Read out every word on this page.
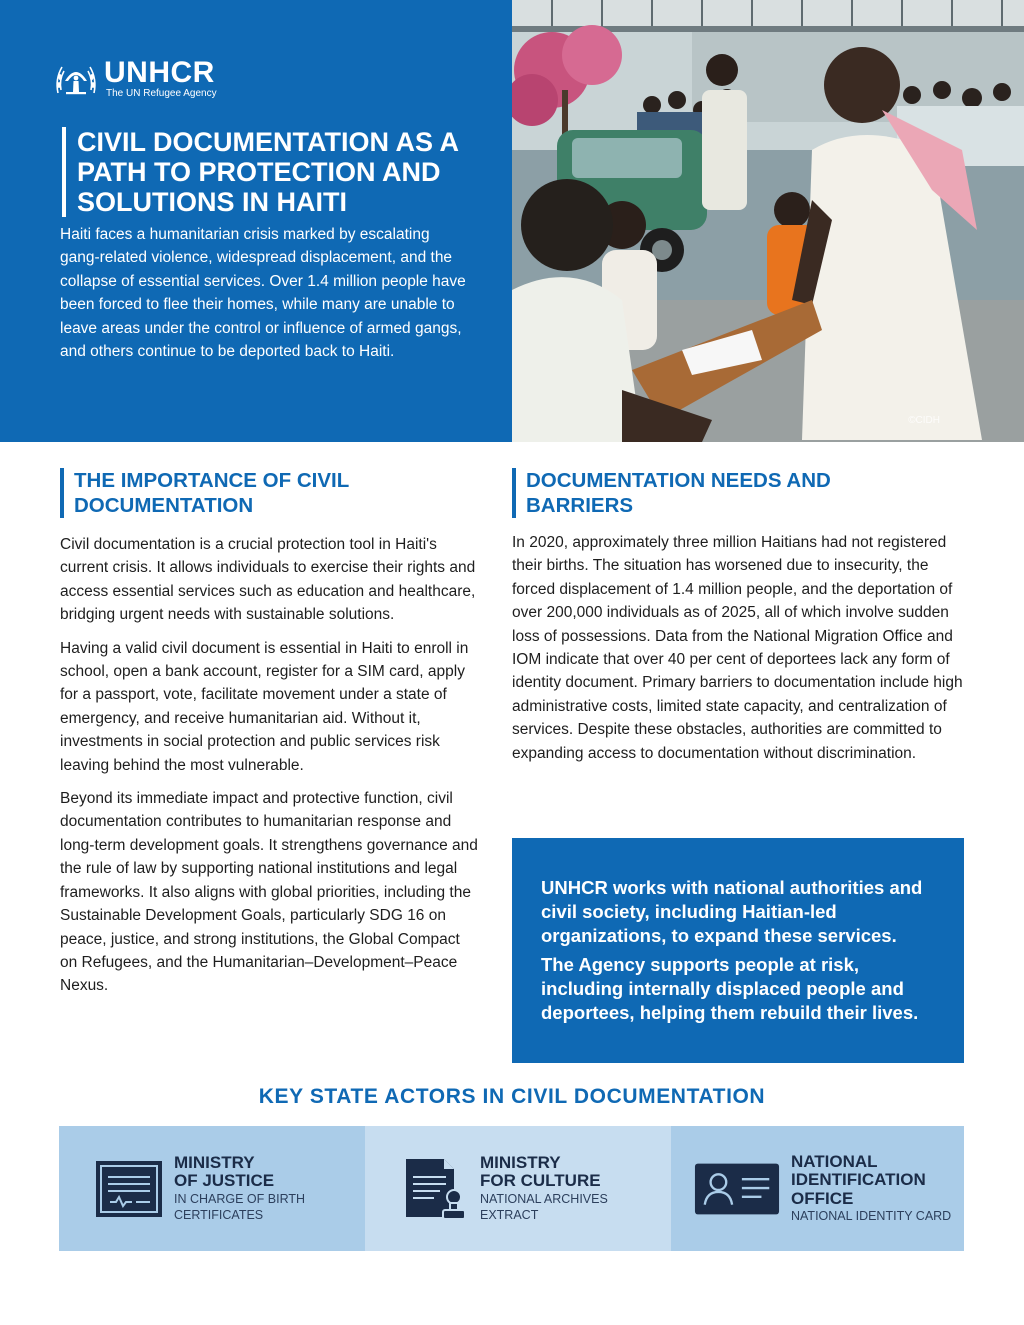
UNHCR
The UN Refugee Agency
CIVIL DOCUMENTATION AS A PATH TO PROTECTION AND SOLUTIONS IN HAITI

Haiti faces a humanitarian crisis marked by escalating gang-related violence, widespread displacement, and the collapse of essential services. Over 1.4 million people have been forced to flee their homes, while many are unable to leave areas under the control or influence of armed gangs, and others continue to be deported back to Haiti.

©CIDH
THE IMPORTANCE OF CIVIL DOCUMENTATION

Civil documentation is a crucial protection tool in Haiti's current crisis. It allows individuals to exercise their rights and access essential services such as education and healthcare, bridging urgent needs with sustainable solutions.

Having a valid civil document is essential in Haiti to enroll in school, open a bank account, register for a SIM card, apply for a passport, vote, facilitate movement under a state of emergency, and receive humanitarian aid. Without it, investments in social protection and public services risk leaving behind the most vulnerable.

Beyond its immediate impact and protective function, civil documentation contributes to humanitarian response and long-term development goals. It strengthens governance and the rule of law by supporting national institutions and legal frameworks. It also aligns with global priorities, including the Sustainable Development Goals, particularly SDG 16 on peace, justice, and strong institutions, the Global Compact on Refugees, and the Humanitarian–Development–Peace Nexus.

DOCUMENTATION NEEDS AND BARRIERS

In 2020, approximately three million Haitians had not registered their births. The situation has worsened due to insecurity, the forced displacement of 1.4 million people, and the deportation of over 200,000 individuals as of 2025, all of which involve sudden loss of possessions. Data from the National Migration Office and IOM indicate that over 40 per cent of deportees lack any form of identity document. Primary barriers to documentation include high administrative costs, limited state capacity, and centralization of services. Despite these obstacles, authorities are committed to expanding access to documentation without discrimination.

UNHCR works with national authorities and civil society, including Haitian-led organizations, to expand these services.

The Agency supports people at risk, including internally displaced people and deportees, helping them rebuild their lives.

KEY STATE ACTORS IN CIVIL DOCUMENTATION
MINISTRY
OF JUSTICE
IN CHARGE OF BIRTH
CERTIFICATES
MINISTRY
FOR CULTURE
NATIONAL ARCHIVES
EXTRACT
NATIONAL
IDENTIFICATION
OFFICE
NATIONAL IDENTITY CARD
